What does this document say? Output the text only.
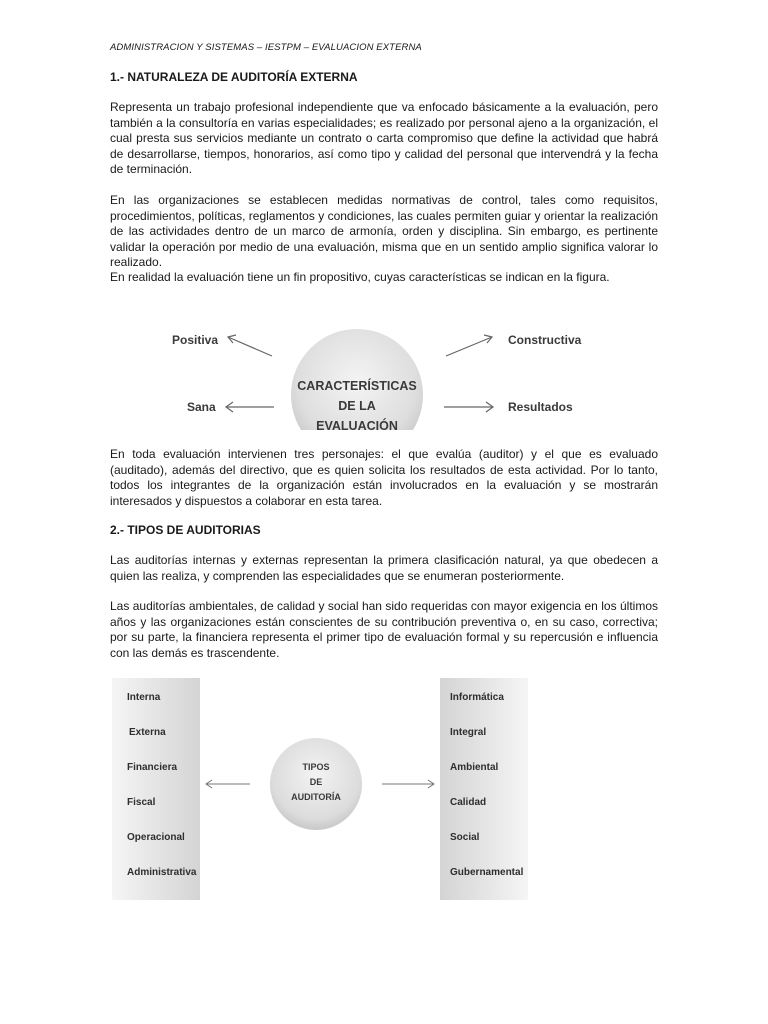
ADMINISTRACION Y SISTEMAS – IESTPM – EVALUACION EXTERNA
1.- NATURALEZA DE AUDITORÍA EXTERNA

Representa un trabajo profesional independiente que va enfocado básicamente a la evaluación, pero también a la consultoría en varias especialidades; es realizado por personal ajeno a la organización, el cual presta sus servicios mediante un contrato o carta compromiso que define la actividad que habrá de desarrollarse, tiempos, honorarios, así como tipo y calidad del personal que intervendrá y la fecha de terminación.

En las organizaciones se establecen medidas normativas de control, tales como requisitos, procedimientos, políticas, reglamentos y condiciones, las cuales permiten guiar y orientar la realización de las actividades dentro de un marco de armonía, orden y disciplina. Sin embargo, es pertinente validar la operación por medio de una evaluación, misma que en un sentido amplio significa valorar lo realizado.

En realidad la evaluación tiene un fin propositivo, cuyas características se indican en la figura.

CARACTERÍSTICAS
DE LA
EVALUACIÓN
Positiva
Sana
Constructiva
Resultados

En toda evaluación intervienen tres personajes: el que evalúa (auditor) y el que es evaluado (auditado), además del directivo, que es quien solicita los resultados de esta actividad. Por lo tanto, todos los integrantes de la organización están involucrados en la evaluación y se mostrarán interesados y dispuestos a colaborar en esta tarea.

2.- TIPOS DE AUDITORIAS

Las auditorías internas y externas representan la primera clasificación natural, ya que obedecen a quien las realiza, y comprenden las especialidades que se enumeran posteriormente.

Las auditorías ambientales, de calidad y social han sido requeridas con mayor exigencia en los últimos años y las organizaciones están conscientes de su contribución preventiva o, en su caso, correctiva; por su parte, la financiera representa el primer tipo de evaluación formal y su repercusión e influencia con las demás es trascendente.

Interna
Externa
Financiera
Fiscal
Operacional
Administrativa
Informática
Integral
Ambiental
Calidad
Social
Gubernamental
TIPOS
DE
AUDITORÍA
